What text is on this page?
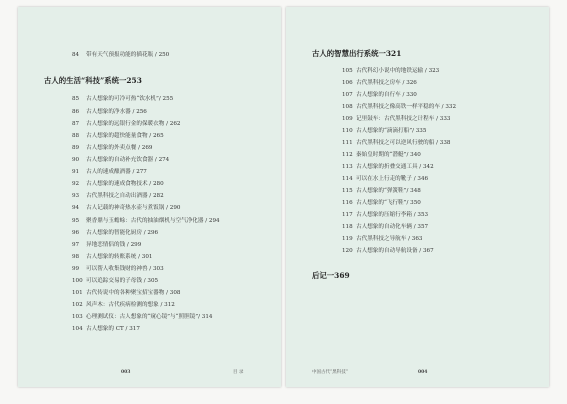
84 带有天气预报功能的插花瓶 / 250
古人的生活“科技”系统一253
85 古人想象的可冷可热“饮水机”/ 255
86 古人想象的净水器 / 256
87 古人想象的远银行金的保暖衣物 / 262
88 古人想象的超快能量食物 / 265
89 古人想象的外卖点餐 / 269
90 古人想象的自动补充饮食器 / 274
91 古人的速成酿酒器 / 277
92 古人想象的速成食物技术 / 280
93 古代黑科技之自动出酒器 / 282
94 古人记载的神奇热水壶与煮饭锅 / 290
95 聚香鼎与玉蟾蜍：古代的抽油烟机与空气净化器 / 294
96 古人想象的智能化厨房 / 296
97 异地恋情侣的钱 / 299
98 古人想象的转账系统 / 301
99 可以帮人收集钱财的神兽 / 303
100 可以追踪交易的子母钱 / 305
101 古代传说中的各种聚宝招宝器物 / 308
102 风声木：古代疾病检测的想象 / 312
103 心理测试仪：古人想象的“窥心镜”与“照胆镜”/ 314
104 古人想象的 CT / 317
003	目 录
古人的智慧出行系统一321
105 古代科幻小说中的地铁运输 / 323
106 古代黑科技之房车 / 326
107 古人想象的自行车 / 330
108 古代黑科技之像高铁一样平稳的车 / 332
109 记里鼓车：古代黑科技之计程车 / 333
110 古人想象的“滴滴打船”/ 335
111 古代黑科技之可以逆风行驶的船 / 338
112 秦始皇时期的“潜艇”/ 340
113 古人想象的折叠交通工具 / 342
114 可以在水上行走的靴子 / 346
115 古人想象的“弹簧鞋”/ 348
116 古人想象的“飞行鞋”/ 350
117 古人想象的压缩行李箱 / 353
118 古人想象的自动化车辆 / 357
119 古代黑科技之导航车 / 363
120 古人想象的自动导航设备 / 367
后记一369
中国古代“黑科技”	004
